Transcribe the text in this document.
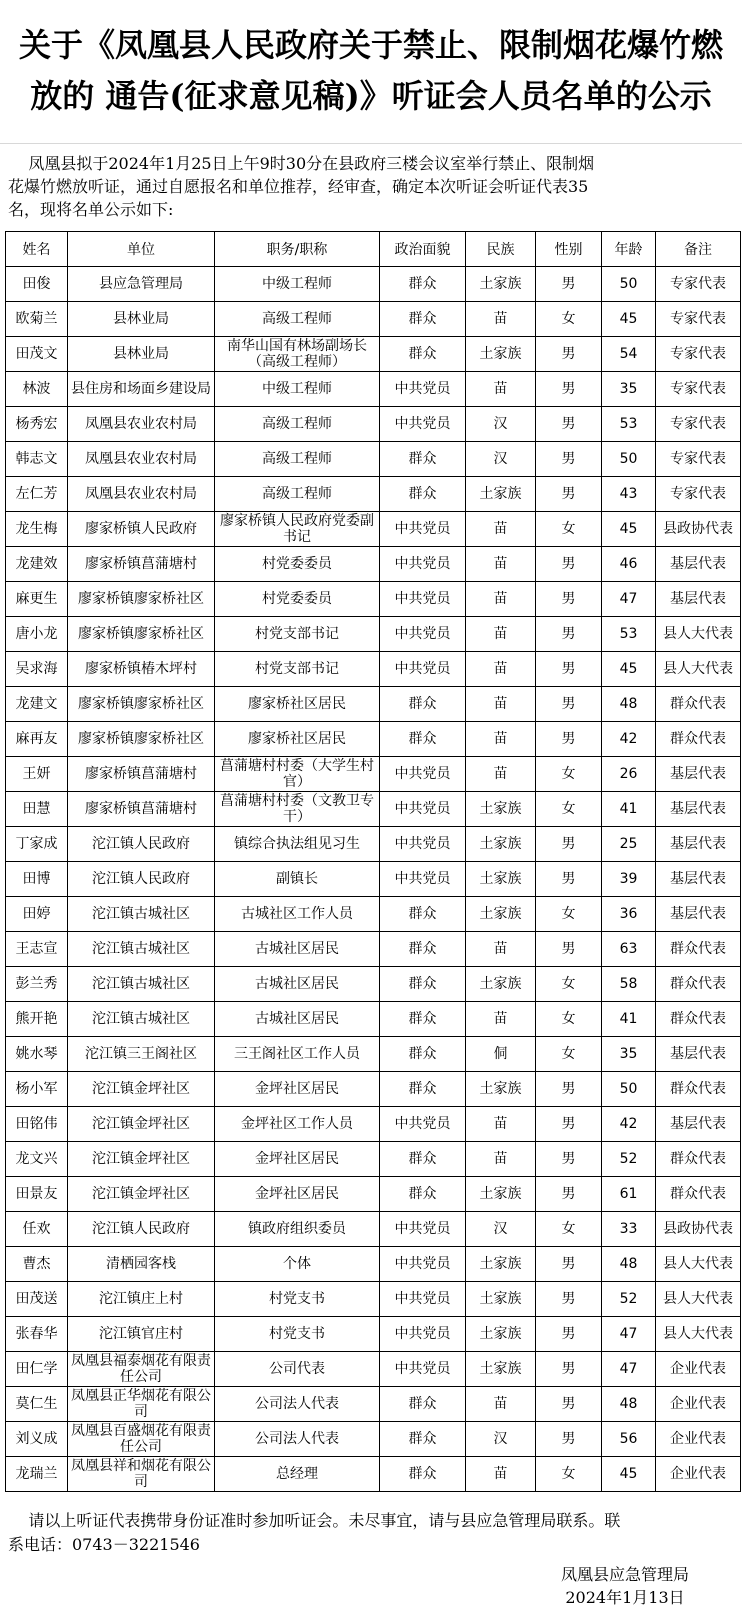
关于《凤凰县人民政府关于禁止、限制烟花爆竹燃
放的 通告(征求意见稿)》听证会人员名单的公示
凤凰县拟于2024年1月25日上午9时30分在县政府三楼会议室举行禁止、限制烟
花爆竹燃放听证，通过自愿报名和单位推荐，经审查，确定本次听证会听证代表35
名，现将名单公示如下:
姓名	单位	职务/职称	政治面貌	民族	性别	年龄	备注
田俊	县应急管理局	中级工程师	群众	土家族	男	50	专家代表
欧菊兰	县林业局	高级工程师	群众	苗	女	45	专家代表
田茂文	县林业局	南华山国有林场副场长（高级工程师）	群众	土家族	男	54	专家代表
林波	县住房和场面乡建设局	中级工程师	中共党员	苗	男	35	专家代表
杨秀宏	凤凰县农业农村局	高级工程师	中共党员	汉	男	53	专家代表
韩志文	凤凰县农业农村局	高级工程师	群众	汉	男	50	专家代表
左仁芳	凤凰县农业农村局	高级工程师	群众	土家族	男	43	专家代表
龙生梅	廖家桥镇人民政府	廖家桥镇人民政府党委副书记	中共党员	苗	女	45	县政协代表
龙建效	廖家桥镇菖蒲塘村	村党委委员	中共党员	苗	男	46	基层代表
麻更生	廖家桥镇廖家桥社区	村党委委员	中共党员	苗	男	47	基层代表
唐小龙	廖家桥镇廖家桥社区	村党支部书记	中共党员	苗	男	53	县人大代表
吴求海	廖家桥镇椿木坪村	村党支部书记	中共党员	苗	男	45	县人大代表
龙建文	廖家桥镇廖家桥社区	廖家桥社区居民	群众	苗	男	48	群众代表
麻再友	廖家桥镇廖家桥社区	廖家桥社区居民	群众	苗	男	42	群众代表
王妍	廖家桥镇菖蒲塘村	菖蒲塘村村委（大学生村官）	中共党员	苗	女	26	基层代表
田慧	廖家桥镇菖蒲塘村	菖蒲塘村村委（文教卫专干）	中共党员	土家族	女	41	基层代表
丁家成	沱江镇人民政府	镇综合执法组见习生	中共党员	土家族	男	25	基层代表
田博	沱江镇人民政府	副镇长	中共党员	土家族	男	39	基层代表
田婷	沱江镇古城社区	古城社区工作人员	群众	土家族	女	36	基层代表
王志宣	沱江镇古城社区	古城社区居民	群众	苗	男	63	群众代表
彭兰秀	沱江镇古城社区	古城社区居民	群众	土家族	女	58	群众代表
熊开艳	沱江镇古城社区	古城社区居民	群众	苗	女	41	群众代表
姚水琴	沱江镇三王阁社区	三王阁社区工作人员	群众	侗	女	35	基层代表
杨小军	沱江镇金坪社区	金坪社区居民	群众	土家族	男	50	群众代表
田铭伟	沱江镇金坪社区	金坪社区工作人员	中共党员	苗	男	42	基层代表
龙文兴	沱江镇金坪社区	金坪社区居民	群众	苗	男	52	群众代表
田景友	沱江镇金坪社区	金坪社区居民	群众	土家族	男	61	群众代表
任欢	沱江镇人民政府	镇政府组织委员	中共党员	汉	女	33	县政协代表
曹杰	清栖园客栈	个体	中共党员	土家族	男	48	县人大代表
田茂送	沱江镇庄上村	村党支书	中共党员	土家族	男	52	县人大代表
张春华	沱江镇官庄村	村党支书	中共党员	土家族	男	47	县人大代表
田仁学	凤凰县福泰烟花有限责任公司	公司代表	中共党员	土家族	男	47	企业代表
莫仁生	凤凰县正华烟花有限公司	公司法人代表	群众	苗	男	48	企业代表
刘义成	凤凰县百盛烟花有限责任公司	公司法人代表	群众	汉	男	56	企业代表
龙瑞兰	凤凰县祥和烟花有限公司	总经理	群众	苗	女	45	企业代表
请以上听证代表携带身份证准时参加听证会。未尽事宜，请与县应急管理局联系。联
系电话：0743－3221546
凤凰县应急管理局
2024年1月13日
